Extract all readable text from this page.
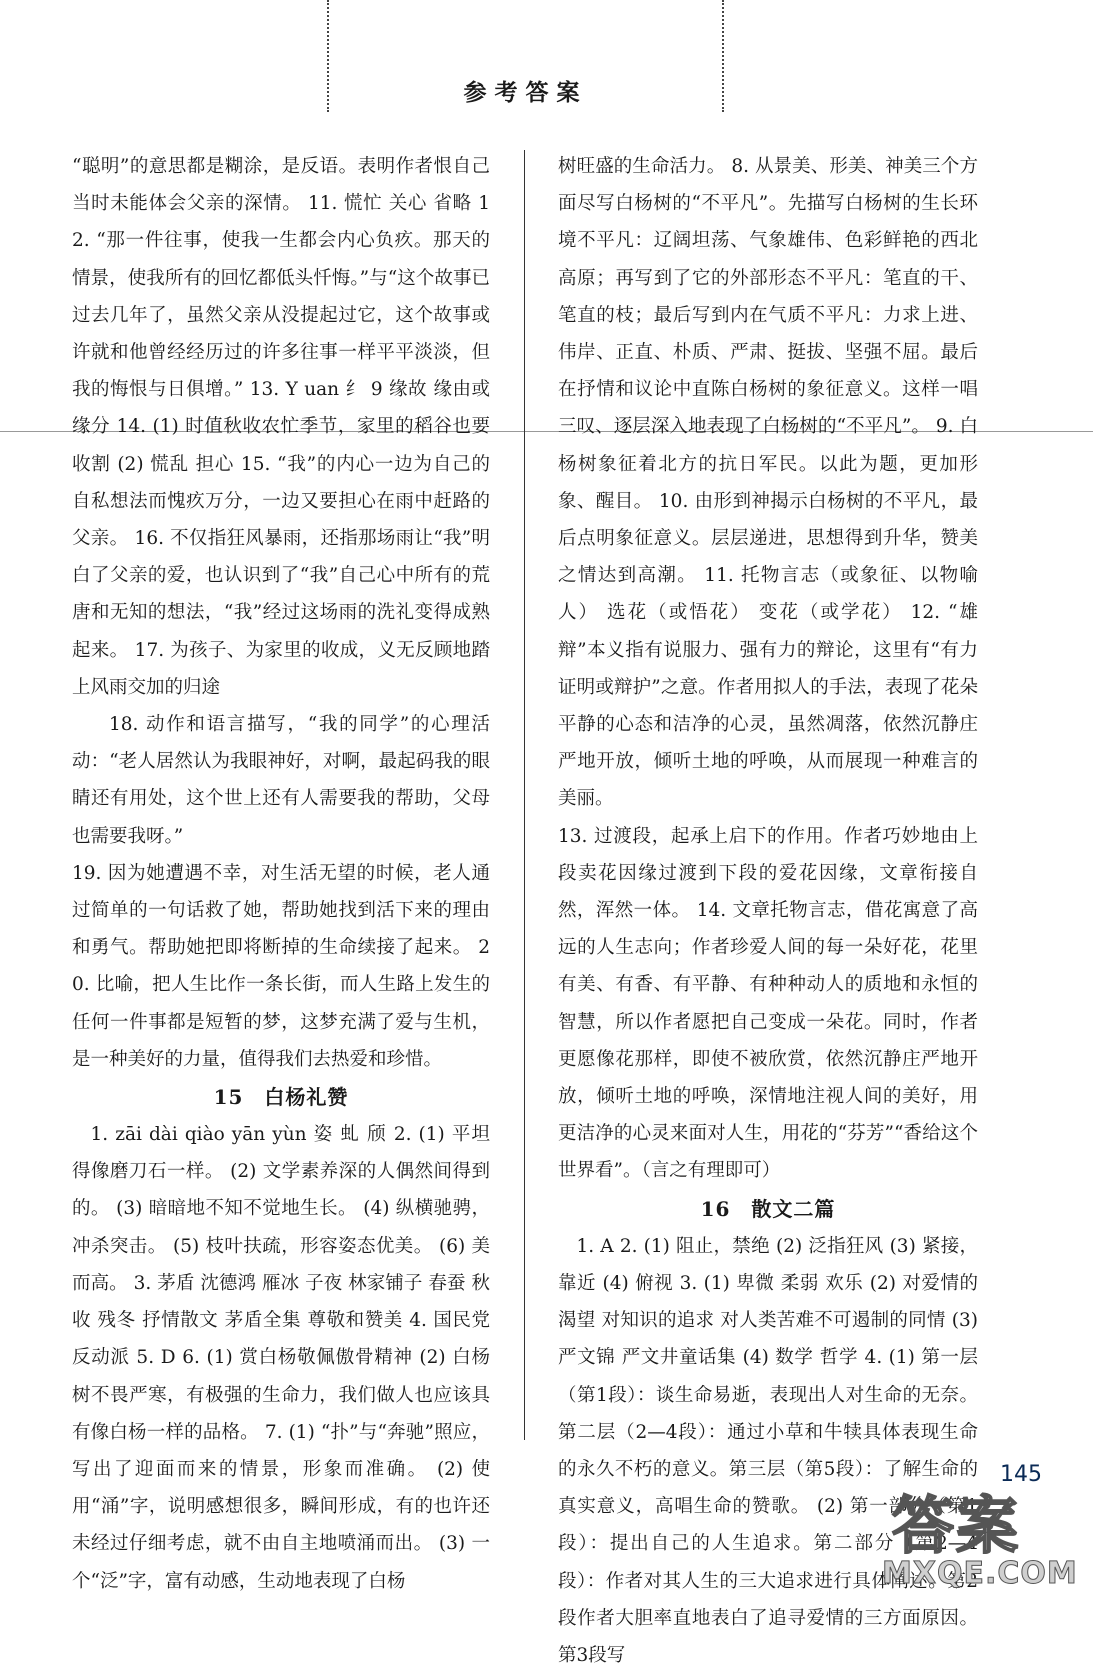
参考答案

“聪明”的意思都是糊涂，是反语。表明作者恨自己当时未能体会父亲的深情。 11. 慌忙 关心 省略 12. “那一件往事，使我一生都会内心负疚。那天的情景，使我所有的回忆都低头忏悔。”与“这个故事已过去几年了，虽然父亲从没提起过它，这个故事或许就和他曾经经历过的许多往事一样平平淡淡，但我的悔恨与日俱增。” 13. Y uan 纟 9 缘故 缘由或缘分 14. (1) 时值秋收农忙季节，家里的稻谷也要收割 (2) 慌乱 担心 15. “我”的内心一边为自己的自私想法而愧疚万分，一边又要担心在雨中赶路的父亲。 16. 不仅指狂风暴雨，还指那场雨让“我”明白了父亲的爱，也认识到了“我”自己心中所有的荒唐和无知的想法，“我”经过这场雨的洗礼变得成熟起来。 17. 为孩子、为家里的收成，义无反顾地踏上风雨交加的归途

18. 动作和语言描写，“我的同学”的心理活动：“老人居然认为我眼神好，对啊，最起码我的眼睛还有用处，这个世上还有人需要我的帮助，父母也需要我呀。”

19. 因为她遭遇不幸，对生活无望的时候，老人通过简单的一句话救了她，帮助她找到活下来的理由和勇气。帮助她把即将断掉的生命续接了起来。 20. 比喻，把人生比作一条长街，而人生路上发生的任何一件事都是短暂的梦，这梦充满了爱与生机，是一种美好的力量，值得我们去热爱和珍惜。

15　白杨礼赞

1. zāi dài qiào yān yùn 姿 虬 颀 2. (1) 平坦得像磨刀石一样。 (2) 文学素养深的人偶然间得到的。 (3) 暗暗地不知不觉地生长。 (4) 纵横驰骋，冲杀突击。 (5) 枝叶扶疏，形容姿态优美。 (6) 美而高。 3. 茅盾 沈德鸿 雁冰 子夜 林家铺子 春蚕 秋收 残冬 抒情散文 茅盾全集 尊敬和赞美 4. 国民党反动派 5. D 6. (1) 赏白杨敬佩傲骨精神 (2) 白杨树不畏严寒，有极强的生命力，我们做人也应该具有像白杨一样的品格。 7. (1) “扑”与“奔驰”照应，写出了迎面而来的情景，形象而准确。 (2) 使用“涌”字，说明感想很多，瞬间形成，有的也许还未经过仔细考虑，就不由自主地喷涌而出。 (3) 一个“泛”字，富有动感，生动地表现了白杨

树旺盛的生命活力。 8. 从景美、形美、神美三个方面尽写白杨树的“不平凡”。先描写白杨树的生长环境不平凡：辽阔坦荡、气象雄伟、色彩鲜艳的西北高原；再写到了它的外部形态不平凡：笔直的干、笔直的枝；最后写到内在气质不平凡：力求上进、伟岸、正直、朴质、严肃、挺拔、坚强不屈。最后在抒情和议论中直陈白杨树的象征意义。这样一唱三叹、逐层深入地表现了白杨树的“不平凡”。 9. 白杨树象征着北方的抗日军民。以此为题，更加形象、醒目。 10. 由形到神揭示白杨树的不平凡，最后点明象征意义。层层递进，思想得到升华，赞美之情达到高潮。 11. 托物言志（或象征、以物喻人） 选花（或悟花） 变花（或学花） 12. “雄辩”本义指有说服力、强有力的辩论，这里有“有力证明或辩护”之意。作者用拟人的手法，表现了花朵平静的心态和洁净的心灵，虽然凋落，依然沉静庄严地开放，倾听土地的呼唤，从而展现一种难言的美丽。

13. 过渡段，起承上启下的作用。作者巧妙地由上段卖花因缘过渡到下段的爱花因缘，文章衔接自然，浑然一体。 14. 文章托物言志，借花寓意了高远的人生志向；作者珍爱人间的每一朵好花，花里有美、有香、有平静、有种种动人的质地和永恒的智慧，所以作者愿把自己变成一朵花。同时，作者更愿像花那样，即使不被欣赏，依然沉静庄严地开放，倾听土地的呼唤，深情地注视人间的美好，用更洁净的心灵来面对人生，用花的“芬芳”“香给这个世界看”。（言之有理即可）

16　散文二篇

1. A 2. (1) 阻止，禁绝 (2) 泛指狂风 (3) 紧接，靠近 (4) 俯视 3. (1) 卑微 柔弱 欢乐 (2) 对爱情的渴望 对知识的追求 对人类苦难不可遏制的同情 (3) 严文锦 严文井童话集 (4) 数学 哲学 4. (1) 第一层（第1段）：谈生命易逝，表现出人对生命的无奈。第二层（2—4段）：通过小草和牛犊具体表现生命的永久不朽的意义。第三层（第5段）：了解生命的真实意义，高唱生命的赞歌。 (2) 第一部分（第1段）：提出自己的人生追求。第二部分（第2—4段）：作者对其人生的三大追求进行具体阐述。第2段作者大胆率直地表白了追寻爱情的三方面原因。第3段写

145
答案
MXQE.COM
